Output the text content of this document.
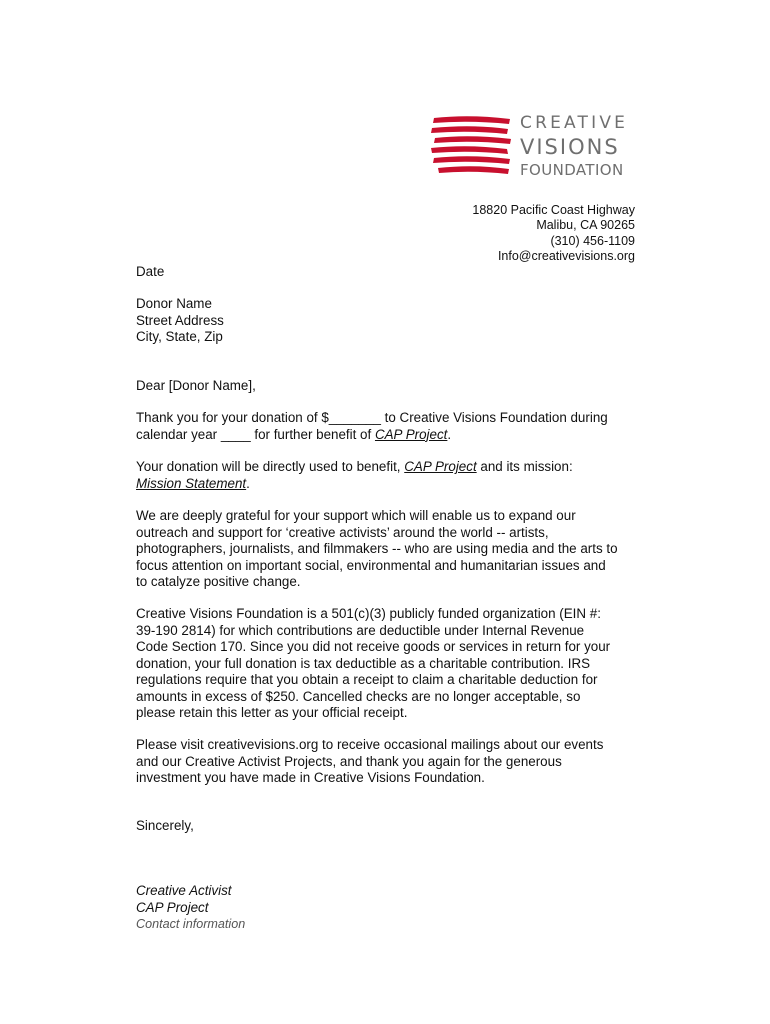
CREATIVE
visions
FOUNDATION
18820 Pacific Coast Highway
Malibu, CA 90265
(310) 456-1109
Info@creativevisions.org
Date
Donor Name
Street Address
City, State, Zip
Dear [Donor Name],
Thank you for your donation of $_______ to Creative Visions Foundation during
calendar year ____ for further benefit of CAP Project.
Your donation will be directly used to benefit, CAP Project and its mission:
Mission Statement.
We are deeply grateful for your support which will enable us to expand our
outreach and support for ‘creative activists’ around the world -- artists,
photographers, journalists, and filmmakers -- who are using media and the arts to
focus attention on important social, environmental and humanitarian issues and
to catalyze positive change.
Creative Visions Foundation is a 501(c)(3) publicly funded organization (EIN #:
39-190 2814) for which contributions are deductible under Internal Revenue
Code Section 170. Since you did not receive goods or services in return for your
donation, your full donation is tax deductible as a charitable contribution. IRS
regulations require that you obtain a receipt to claim a charitable deduction for
amounts in excess of $250. Cancelled checks are no longer acceptable, so
please retain this letter as your official receipt.
Please visit creativevisions.org to receive occasional mailings about our events
and our Creative Activist Projects, and thank you again for the generous
investment you have made in Creative Visions Foundation.
Sincerely,
Creative Activist
CAP Project
Contact information
